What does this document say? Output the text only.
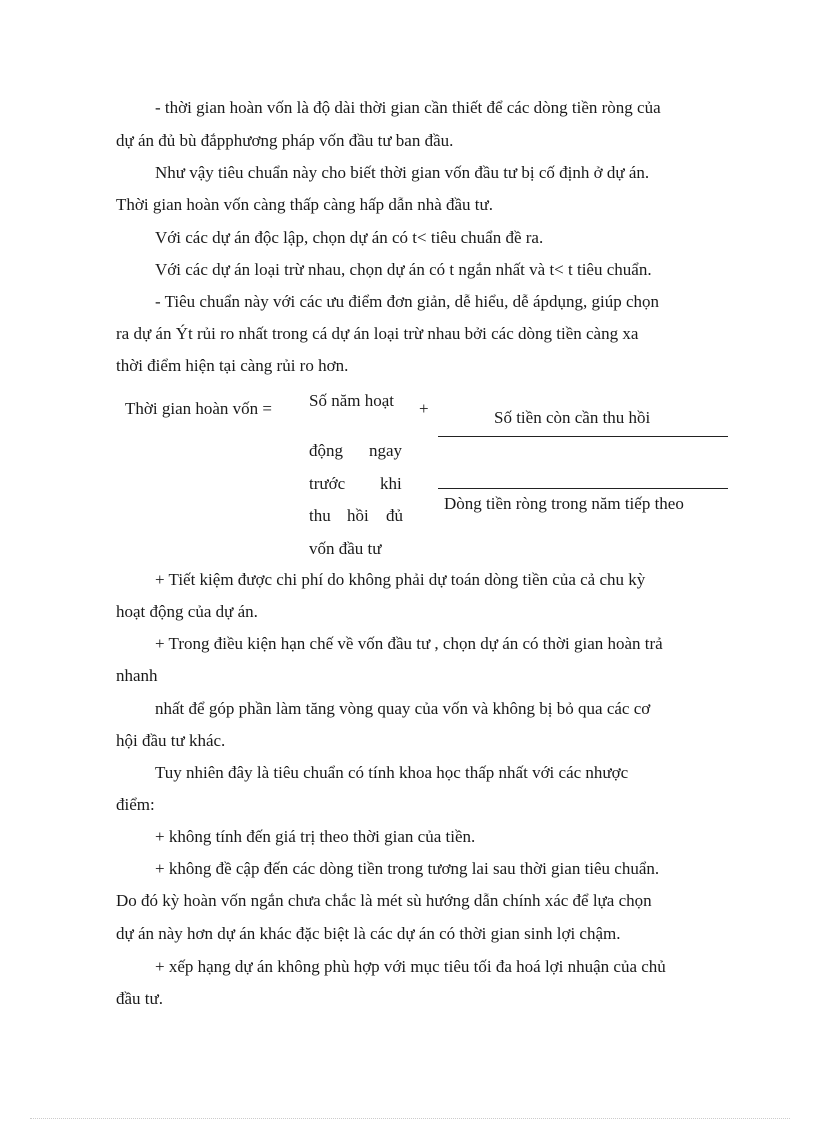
- thời gian hoàn vốn là độ dài thời gian cần thiết để các dòng tiền ròng của
dự án đủ bù đắpphương pháp vốn đầu tư ban đầu.
Như vậy tiêu chuẩn này cho biết thời gian vốn đầu tư bị cố định ở dự án.
Thời gian hoàn vốn càng thấp càng hấp dẫn nhà đầu tư.
Với các dự án độc lập, chọn dự án có t< tiêu chuẩn đề ra.
Với các dự án loại trừ nhau, chọn dự án có t ngắn nhất và t< t tiêu chuẩn.
- Tiêu chuẩn này với các ưu điểm đơn giản, dễ hiểu, dễ ápdụng, giúp chọn
ra dự án Ýt rủi ro nhất trong cá dự án loại trừ nhau bởi các dòng tiền càng xa
thời điểm hiện tại càng rủi ro hơn.
Thời gian hoàn vốn = Số năm hoạt
động ngay
trước khi
thu hồi đủ
vốn đầu tư
+	Số tiền còn cần thu hồi
Dòng tiền ròng trong năm tiếp theo
+ Tiết kiệm được chi phí do không phải dự toán dòng tiền của cả chu kỳ
hoạt động của dự án.
+ Trong điều kiện hạn chế về vốn đầu tư , chọn dự án có thời gian hoàn trả
nhanh
nhất để góp phần làm tăng vòng quay của vốn và không bị bỏ qua các cơ
hội đầu tư khác.
Tuy nhiên đây là tiêu chuẩn có tính khoa học thấp nhất với các nhược
điểm:
+ không tính đến giá trị theo thời gian của tiền.
+ không đề cập đến các dòng tiền trong tương lai sau thời gian tiêu chuẩn.
Do đó kỳ hoàn vốn ngắn chưa chắc là mét sù hướng dẫn chính xác để lựa chọn
dự án này hơn dự án khác đặc biệt là các dự án có thời gian sinh lợi chậm.
+ xếp hạng dự án không phù hợp với mục tiêu tối đa hoá lợi nhuận của chủ
đầu tư.
